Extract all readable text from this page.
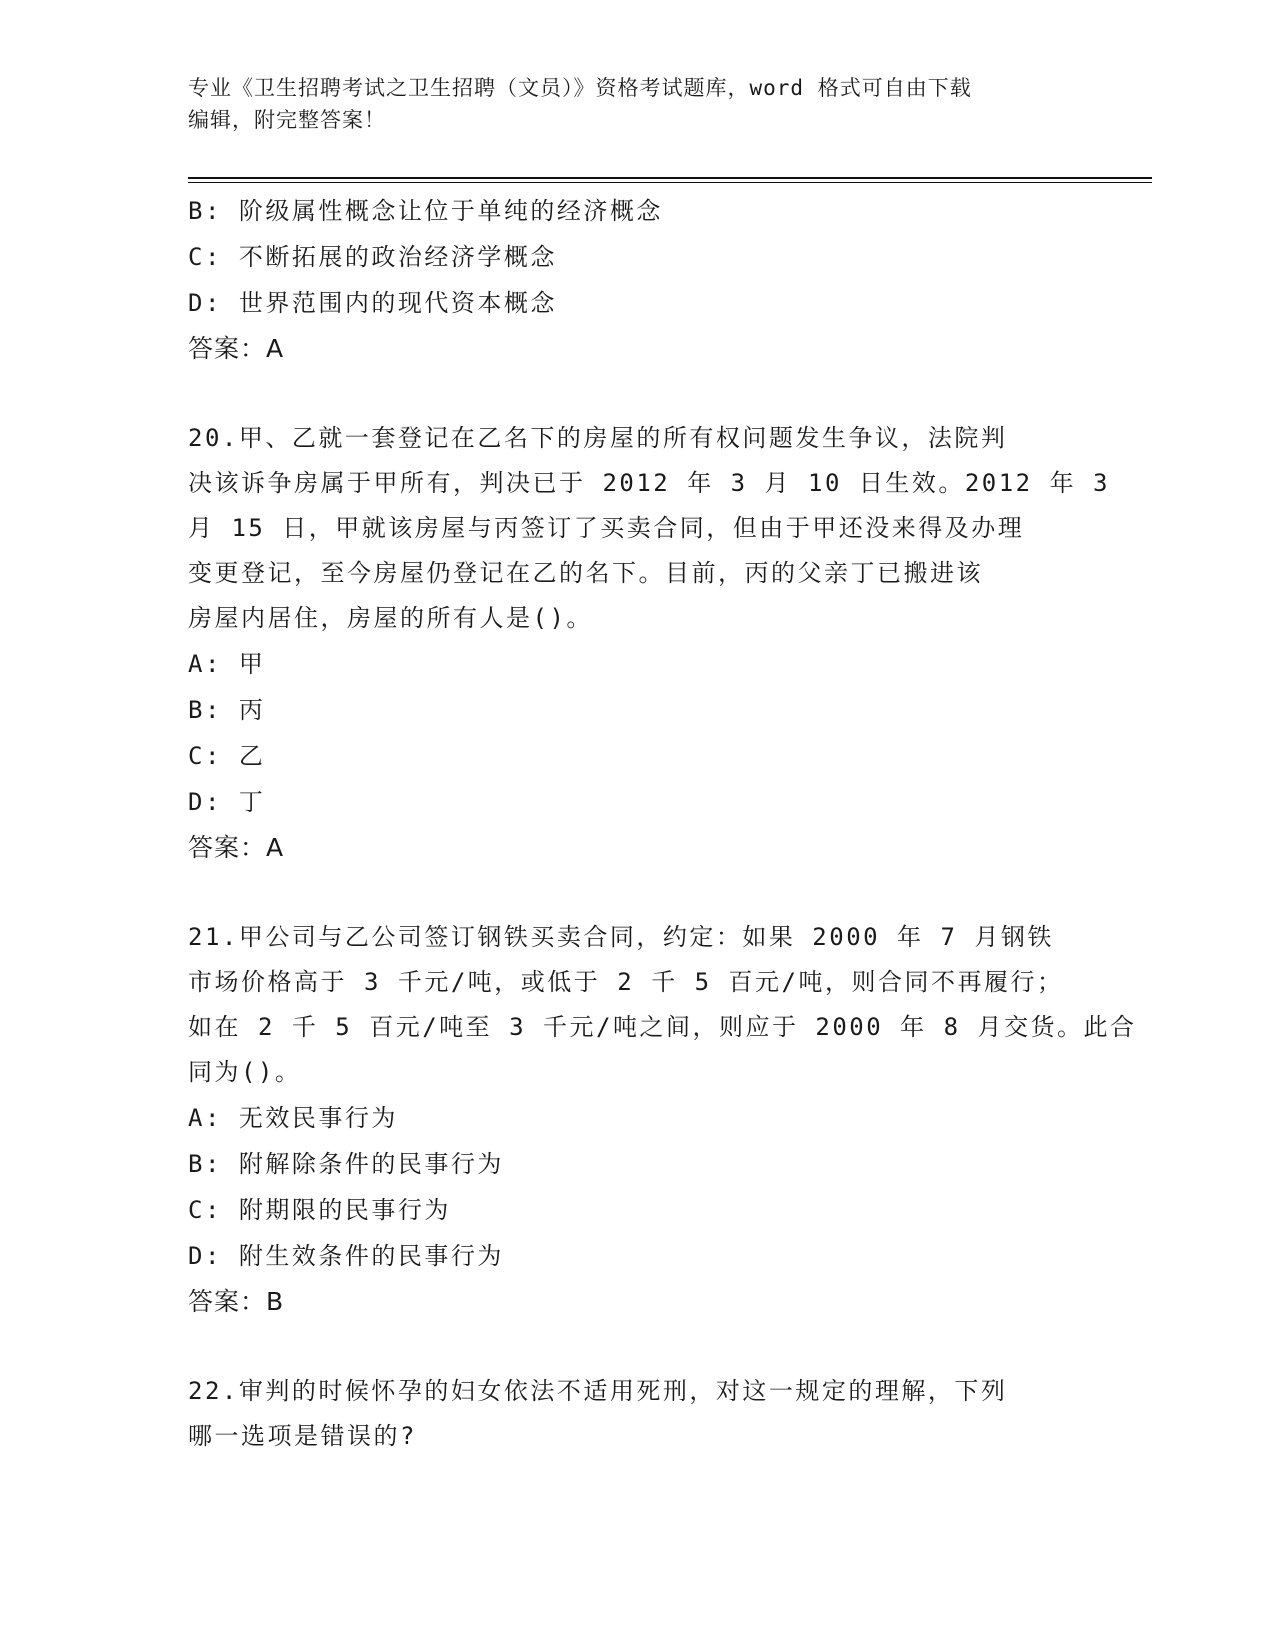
专业《卫生招聘考试之卫生招聘（文员）》资格考试题库，word 格式可自由下载
编辑，附完整答案！
B: 阶级属性概念让位于单纯的经济概念
C: 不断拓展的政治经济学概念
D: 世界范围内的现代资本概念
答案：A
20.甲、乙就一套登记在乙名下的房屋的所有权问题发生争议，法院判
决该诉争房属于甲所有，判决已于 2012 年 3 月 10 日生效。2012 年 3
月 15 日，甲就该房屋与丙签订了买卖合同，但由于甲还没来得及办理
变更登记，至今房屋仍登记在乙的名下。目前，丙的父亲丁已搬进该
房屋内居住，房屋的所有人是()。
A: 甲
B: 丙
C: 乙
D: 丁
答案：A
21.甲公司与乙公司签订钢铁买卖合同，约定：如果 2000 年 7 月钢铁
市场价格高于 3 千元/吨，或低于 2 千 5 百元/吨，则合同不再履行；
如在 2 千 5 百元/吨至 3 千元/吨之间，则应于 2000 年 8 月交货。此合
同为()。
A: 无效民事行为
B: 附解除条件的民事行为
C: 附期限的民事行为
D: 附生效条件的民事行为
答案：B
22.审判的时候怀孕的妇女依法不适用死刑，对这一规定的理解，下列
哪一选项是错误的?
